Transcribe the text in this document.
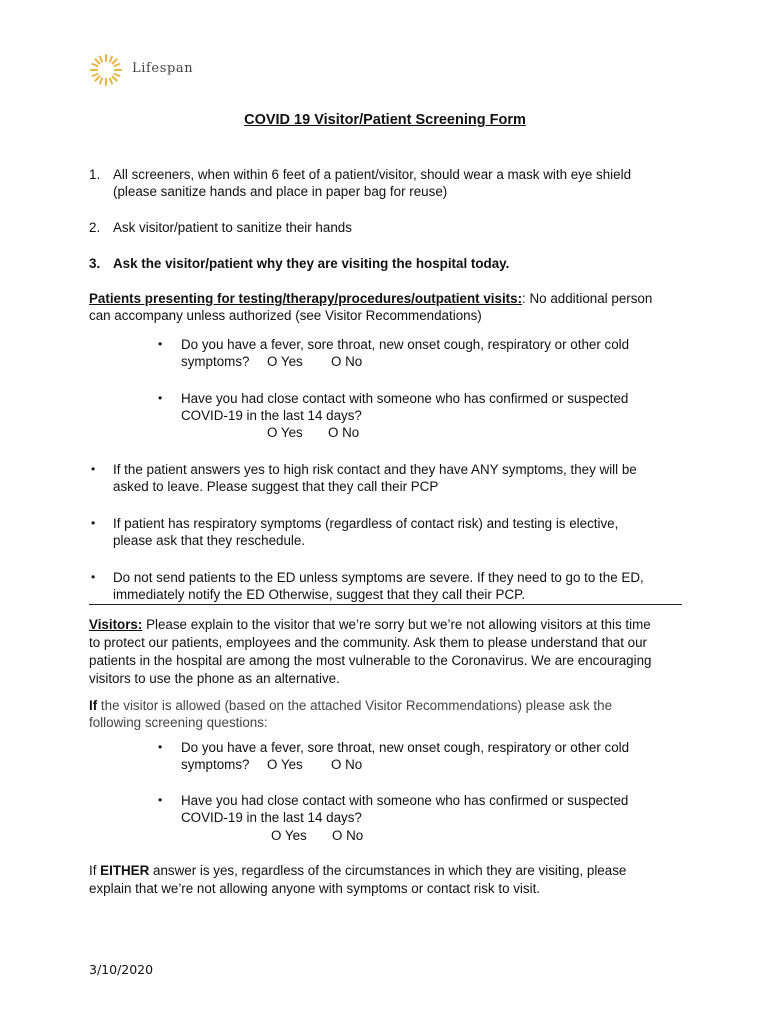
Lifespan
COVID 19 Visitor/Patient Screening Form
1. All screeners, when within 6 feet of a patient/visitor, should wear a mask with eye shield
(please sanitize hands and place in paper bag for reuse)
2. Ask visitor/patient to sanitize their hands
3. Ask the visitor/patient why they are visiting the hospital today.
Patients presenting for testing/therapy/procedures/outpatient visits:: No additional person
can accompany unless authorized (see Visitor Recommendations)
• Do you have a fever, sore throat, new onset cough, respiratory or other cold
symptoms? O Yes O No
• Have you had close contact with someone who has confirmed or suspected
COVID-19 in the last 14 days?
O Yes O No
• If the patient answers yes to high risk contact and they have ANY symptoms, they will be
asked to leave. Please suggest that they call their PCP
• If patient has respiratory symptoms (regardless of contact risk) and testing is elective,
please ask that they reschedule.
• Do not send patients to the ED unless symptoms are severe. If they need to go to the ED,
immediately notify the ED Otherwise, suggest that they call their PCP.
Visitors: Please explain to the visitor that we’re sorry but we’re not allowing visitors at this time
to protect our patients, employees and the community. Ask them to please understand that our
patients in the hospital are among the most vulnerable to the Coronavirus. We are encouraging
visitors to use the phone as an alternative.
If the visitor is allowed (based on the attached Visitor Recommendations) please ask the
following screening questions:
• Do you have a fever, sore throat, new onset cough, respiratory or other cold
symptoms? O Yes O No
• Have you had close contact with someone who has confirmed or suspected
COVID-19 in the last 14 days?
O Yes O No
If EITHER answer is yes, regardless of the circumstances in which they are visiting, please
explain that we’re not allowing anyone with symptoms or contact risk to visit.
3/10/2020
